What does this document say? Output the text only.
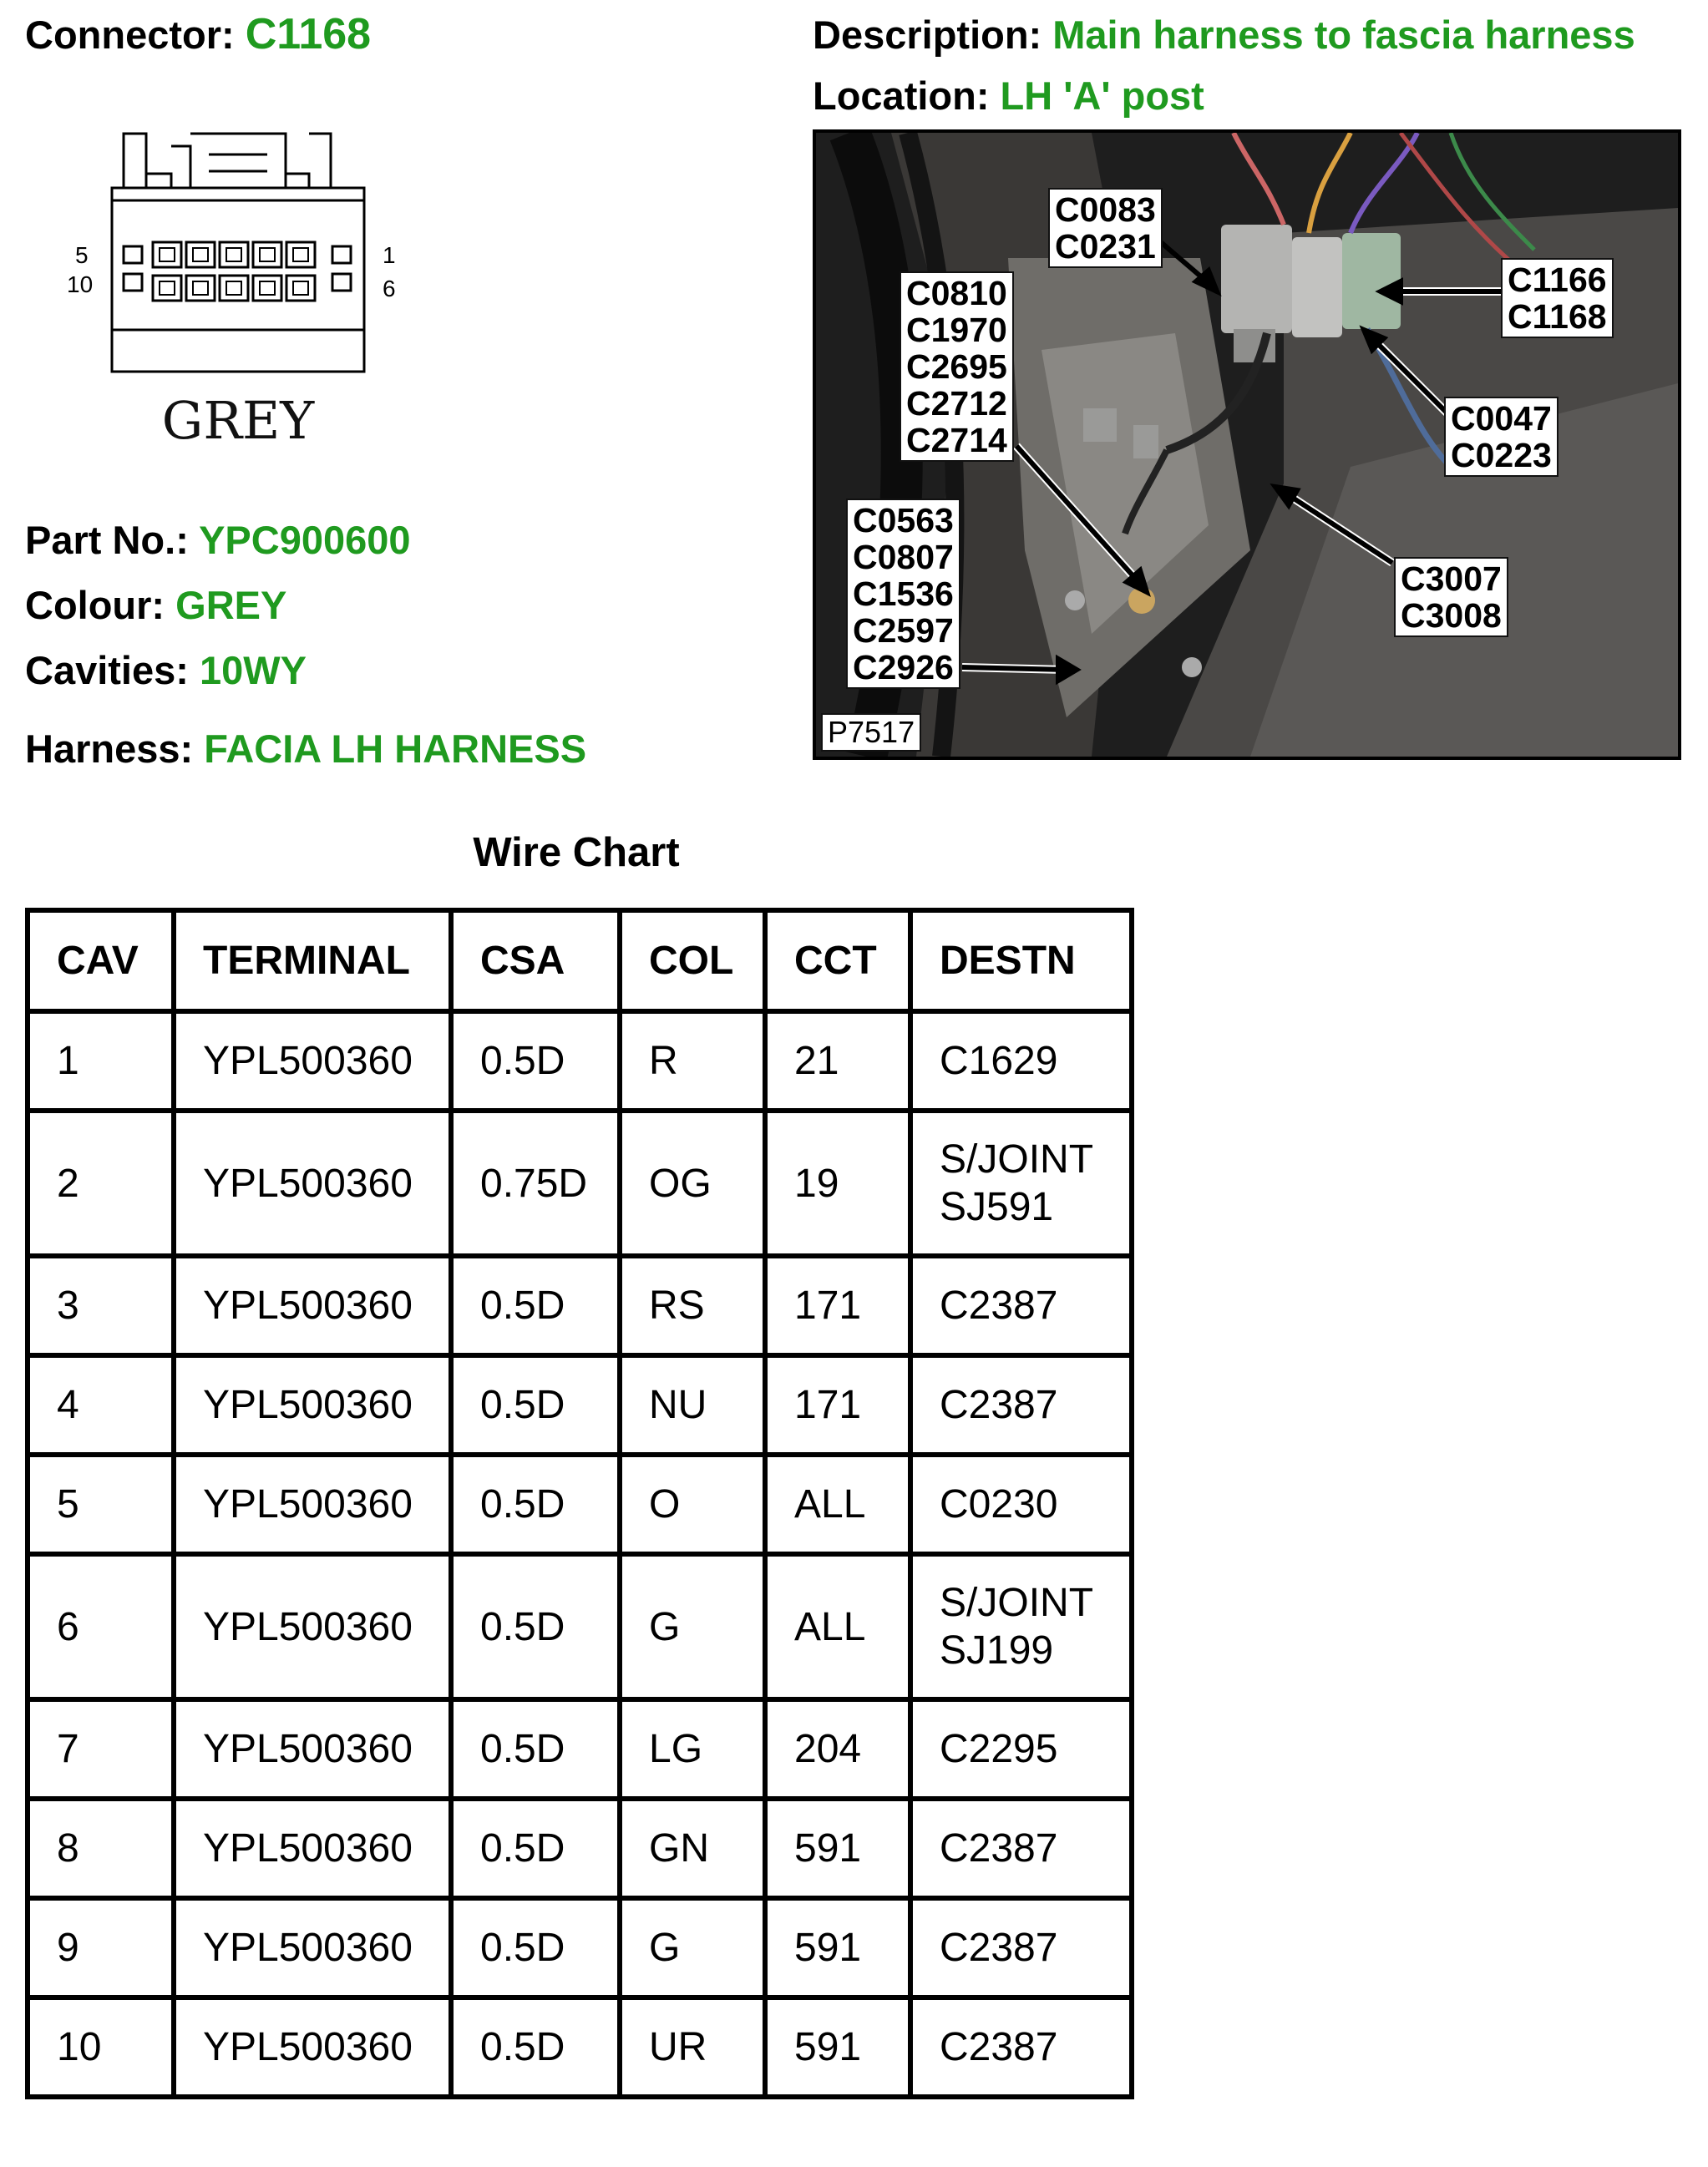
Connector: C1168	Description: Main harness to fascia harness
Location: LH 'A' post
5
10
1
6
GREY
Part No.: YPC900600
Colour: GREY
Cavities: 10WY
Harness: FACIA LH HARNESS
C0083
C0231
C0810
C1970
C2695
C2712
C2714
C1166
C1168
C0047
C0223
C0563
C0807
C1536
C2597
C2926
C3007
C3008
P7517
Wire Chart
CAV	TERMINAL	CSA	COL	CCT	DESTN
1	YPL500360	0.5D	R	21	C1629

2	YPL500360	0.75D	OG	19	S/JOINT
SJ591

3	YPL500360	0.5D	RS	171	C2387

4	YPL500360	0.5D	NU	171	C2387

5	YPL500360	0.5D	O	ALL	C0230

6	YPL500360	0.5D	G	ALL	S/JOINT
SJ199

7	YPL500360	0.5D	LG	204	C2295

8	YPL500360	0.5D	GN	591	C2387

9	YPL500360	0.5D	G	591	C2387

10	YPL500360	0.5D	UR	591	C2387
